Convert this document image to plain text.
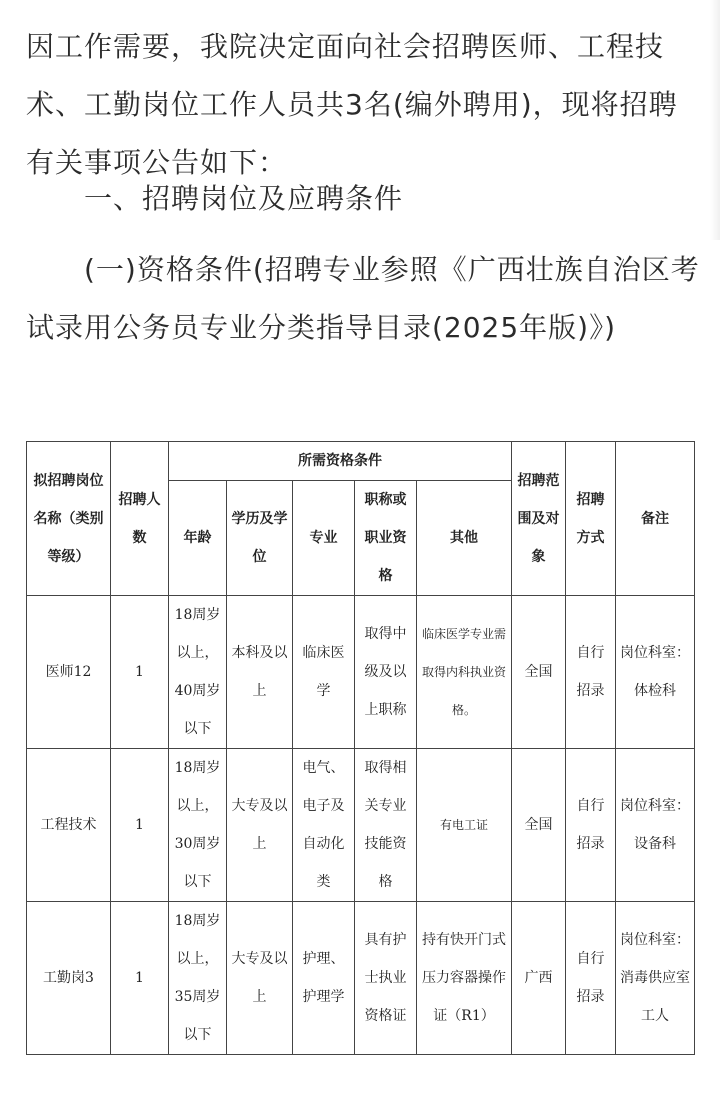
因工作需要，我院决定面向社会招聘医师、工程技术、工勤岗位工作人员共3名(编外聘用)，现将招聘有关事项公告如下：
一、招聘岗位及应聘条件
(一)资格条件(招聘专业参照《广西壮族自治区考试录用公务员专业分类指导目录(2025年版)》)
拟招聘岗位名称（类别等级）	招聘人数	所需资格条件					招聘范围及对象	招聘方式	备注
		年龄	学历及学位	专业	职称或职业资格	其他			
医师12	1	18周岁以上，40周岁以下	本科及以上	临床医学	取得中级及以上职称	临床医学专业需取得内科执业资格。	全国	自行招录	岗位科室：体检科
工程技术	1	18周岁以上，30周岁以下	大专及以上	电气、电子及自动化类	取得相关专业技能资格	有电工证	全国	自行招录	岗位科室：设备科
工勤岗3	1	18周岁以上，35周岁以下	大专及以上	护理、护理学	具有护士执业资格证	持有快开门式压力容器操作证（R1）	广西	自行招录	岗位科室：消毒供应室工人
